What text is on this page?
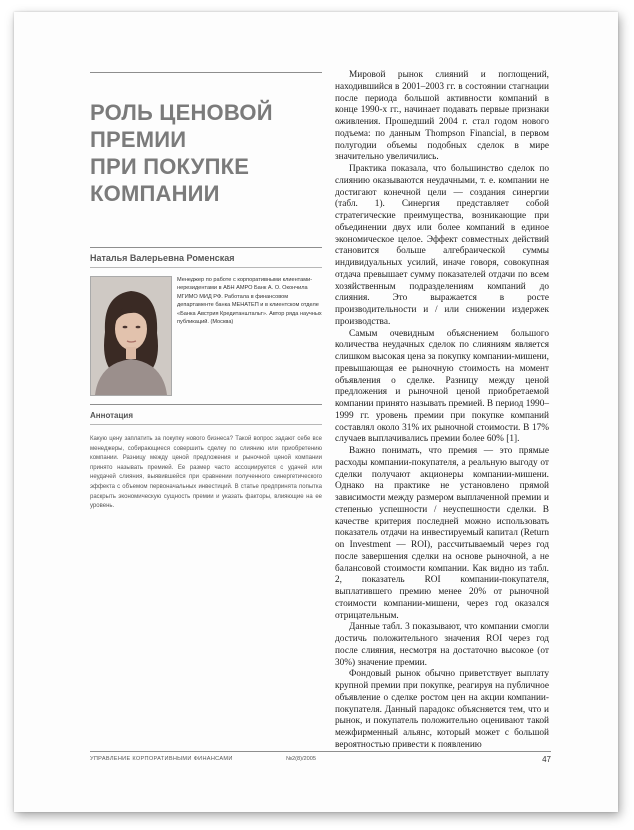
РОЛЬ ЦЕНОВОЙ
ПРЕМИИ
ПРИ ПОКУПКЕ
КОМПАНИИ
Наталья Валерьевна Роменская
Менеджер по работе с корпоративными клиентами-нерезидентами в АБН АМРО Банк А. О. Окончила МГИМО МИД РФ. Работала в финансовом департаменте банка МЕНАТЕП и в клиентском отделе «Банка Австрия Кредитанштальт». Автор ряда научных публикаций. (Москва)
Аннотация
Какую цену заплатить за покупку нового бизнеса? Такой вопрос задают себе все менеджеры, собирающиеся совершить сделку по слиянию или приобретению компании. Разницу между ценой предложения и рыночной ценой компании принято называть премией. Ее размер часто ассоциируется с удачей или неудачей слияния, выявившейся при сравнении полученного синергетического эффекта с объемом первоначальных инвестиций. В статье предпринята попытка раскрыть экономическую сущность премии и указать факторы, влияющие на ее уровень.

Мировой рынок слияний и поглощений, находившийся в 2001–2003 гг. в состоянии стагнации после периода большой активности компаний в конце 1990-х гг., начинает подавать первые признаки оживления. Прошедший 2004 г. стал годом нового подъема: по данным Thompson Financial, в первом полугодии объемы подобных сделок в мире значительно увеличились.

Практика показала, что большинство сделок по слиянию оказываются неудачными, т. е. компании не достигают конечной цели — создания синергии (табл. 1). Синергия представляет собой стратегические преимущества, возникающие при объединении двух или более компаний в единое экономическое целое. Эффект совместных действий становится больше алгебраической суммы индивидуальных усилий, иначе говоря, совокупная отдача превышает сумму показателей отдачи по всем хозяйственным подразделениям компаний до слияния. Это выражается в росте производительности и / или снижении издержек производства.

Самым очевидным объяснением большого количества неудачных сделок по слияниям является слишком высокая цена за покупку компании-мишени, превышающая ее рыночную стоимость на момент объявления о сделке. Разницу между ценой предложения и рыночной ценой приобретаемой компании принято называть премией. В период 1990–1999 гг. уровень премии при покупке компаний составлял около 31% их рыночной стоимости. В 17% случаев выплачивались премии более 60% [1].

Важно понимать, что премия — это прямые расходы компании-покупателя, а реальную выгоду от сделки получают акционеры компании-мишени. Однако на практике не установлено прямой зависимости между размером выплаченной премии и степенью успешности / неуспешности сделки. В качестве критерия последней можно использовать показатель отдачи на инвестируемый капитал (Return on Investment — ROI), рассчитываемый через год после завершения сделки на основе рыночной, а не балансовой стоимости компании. Как видно из табл. 2, показатель ROI компании-покупателя, выплатившего премию менее 20% от рыночной стоимости компании-мишени, через год оказался отрицательным.

Данные табл. 3 показывают, что компании смогли достичь положительного значения ROI через год после слияния, несмотря на достаточно высокое (от 30%) значение премии.

Фондовый рынок обычно приветствует выплату крупной премии при покупке, реагируя на публичное объявление о сделке ростом цен на акции компании-покупателя. Данный парадокс объясняется тем, что и рынок, и покупатель положительно оценивают такой межфирменный альянс, который может с большой вероятностью привести к появлению

УПРАВЛЕНИЕ КОРПОРАТИВНЫМИ ФИНАНСАМИ	№2(8)/2005	47
